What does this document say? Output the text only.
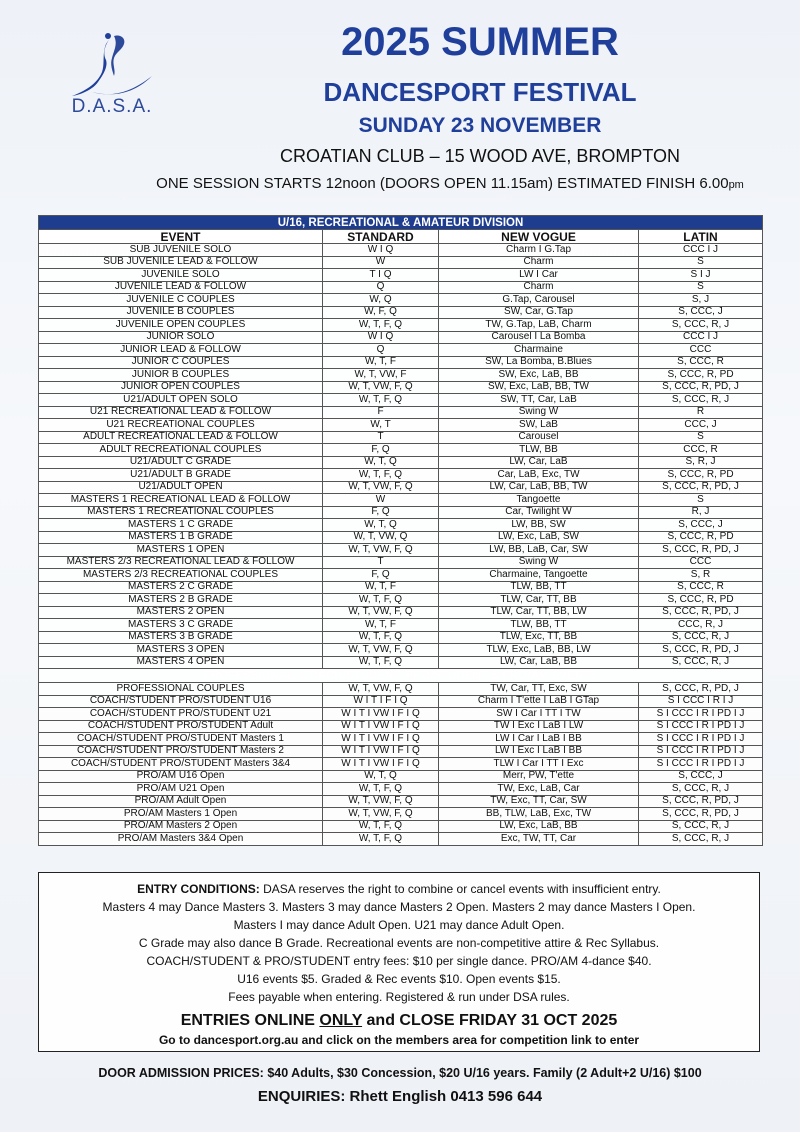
D.A.S.A.
2025 SUMMER
DANCESPORT FESTIVAL
SUNDAY 23 NOVEMBER
CROATIAN CLUB – 15 WOOD AVE, BROMPTON
ONE SESSION STARTS 12noon (DOORS OPEN 11.15am) ESTIMATED FINISH 6.00pm
U/16, RECREATIONAL & AMATEUR DIVISION			
EVENT	STANDARD	NEW VOGUE	LATIN
SUB JUVENILE SOLO	W I Q	Charm I G.Tap	CCC I J
SUB JUVENILE LEAD & FOLLOW	W	Charm	S
JUVENILE SOLO	T I Q	LW I Car	S I J
JUVENILE LEAD & FOLLOW	Q	Charm	S
JUVENILE C COUPLES	W, Q	G.Tap, Carousel	S, J
JUVENILE B COUPLES	W, F, Q	SW, Car, G.Tap	S, CCC, J
JUVENILE OPEN COUPLES	W, T, F, Q	TW, G.Tap, LaB, Charm	S, CCC, R, J
JUNIOR SOLO	W I Q	Carousel I La Bomba	CCC I J
JUNIOR LEAD & FOLLOW	Q	Charmaine	CCC
JUNIOR C COUPLES	W, T, F	SW, La Bomba, B.Blues	S, CCC, R
JUNIOR B COUPLES	W, T, VW, F	SW, Exc, LaB, BB	S, CCC, R, PD
JUNIOR OPEN COUPLES	W, T, VW, F, Q	SW, Exc, LaB, BB, TW	S, CCC, R, PD, J
U21/ADULT OPEN SOLO	W, T, F, Q	SW, TT, Car, LaB	S, CCC, R, J
U21 RECREATIONAL LEAD & FOLLOW	F	Swing W	R
U21 RECREATIONAL COUPLES	W, T	SW, LaB	CCC, J
ADULT RECREATIONAL LEAD & FOLLOW	T	Carousel	S
ADULT RECREATIONAL COUPLES	F, Q	TLW, BB	CCC, R
U21/ADULT C GRADE	W, T, Q	LW, Car, LaB	S, R, J
U21/ADULT B GRADE	W, T, F, Q	Car, LaB, Exc, TW	S, CCC, R, PD
U21/ADULT OPEN	W, T, VW, F, Q	LW, Car, LaB, BB, TW	S, CCC, R, PD, J
MASTERS 1 RECREATIONAL LEAD & FOLLOW	W	Tangoette	S
MASTERS 1 RECREATIONAL COUPLES	F, Q	Car, Twilight W	R, J
MASTERS 1 C GRADE	W, T, Q	LW, BB, SW	S, CCC, J
MASTERS 1 B GRADE	W, T, VW, Q	LW, Exc, LaB, SW	S, CCC, R, PD
MASTERS 1 OPEN	W, T, VW, F, Q	LW, BB, LaB, Car, SW	S, CCC, R, PD, J
MASTERS 2/3 RECREATIONAL LEAD & FOLLOW	T	Swing W	CCC
MASTERS 2/3 RECREATIONAL COUPLES	F, Q	Charmaine, Tangoette	S, R
MASTERS 2 C GRADE	W, T, F	TLW, BB, TT	S, CCC, R
MASTERS 2 B GRADE	W, T, F, Q	TLW, Car, TT, BB	S, CCC, R, PD
MASTERS 2 OPEN	W, T, VW, F, Q	TLW, Car, TT, BB, LW	S, CCC, R, PD, J
MASTERS 3 C GRADE	W, T, F	TLW, BB, TT	CCC, R, J
MASTERS 3 B GRADE	W, T, F, Q	TLW, Exc, TT, BB	S, CCC, R, J
MASTERS 3 OPEN	W, T, VW, F, Q	TLW, Exc, LaB, BB, LW	S, CCC, R, PD, J
MASTERS 4 OPEN	W, T, F, Q	LW, Car, LaB, BB	S, CCC, R, J
PROFESSIONAL, COACH/STUDENT, PRO/STUDENT & PRO/AM EVENTS			
PROFESSIONAL COUPLES	W, T, VW, F, Q	TW, Car, TT, Exc, SW	S, CCC, R, PD, J
COACH/STUDENT PRO/STUDENT U16	W I T I F I Q	Charm I T'ette I LaB I GTap	S I CCC I R I J
COACH/STUDENT PRO/STUDENT U21	W I T I VW I F I Q	SW I Car I TT I TW	S I CCC I R I PD I J
COACH/STUDENT PRO/STUDENT Adult	W I T I VW I F I Q	TW I Exc I LaB I LW	S I CCC I R I PD I J
COACH/STUDENT PRO/STUDENT Masters 1	W I T I VW I F I Q	LW I Car I LaB I BB	S I CCC I R I PD I J
COACH/STUDENT PRO/STUDENT Masters 2	W I T I VW I F I Q	LW I Exc I LaB I BB	S I CCC I R I PD I J
COACH/STUDENT PRO/STUDENT Masters 3&4	W I T I VW I F I Q	TLW I Car I TT I Exc	S I CCC I R I PD I J
PRO/AM U16 Open	W, T, Q	Merr, PW, T'ette	S, CCC, J
PRO/AM U21 Open	W, T, F, Q	TW, Exc, LaB, Car	S, CCC, R, J
PRO/AM Adult Open	W, T, VW, F, Q	TW, Exc, TT, Car, SW	S, CCC, R, PD, J
PRO/AM Masters 1 Open	W, T, VW, F, Q	BB, TLW, LaB, Exc, TW	S, CCC, R, PD, J
PRO/AM Masters 2 Open	W, T, F, Q	LW, Exc, LaB, BB	S, CCC, R, J
PRO/AM Masters 3&4 Open	W, T, F, Q	Exc, TW, TT, Car	S, CCC, R, J
ENTRY CONDITIONS: DASA reserves the right to combine or cancel events with insufficient entry.
Masters 4 may Dance Masters 3. Masters 3 may dance Masters 2 Open. Masters 2 may dance Masters I Open.
Masters I may dance Adult Open. U21 may dance Adult Open.
C Grade may also dance B Grade. Recreational events are non-competitive attire & Rec Syllabus.
COACH/STUDENT & PRO/STUDENT entry fees: $10 per single dance. PRO/AM 4-dance $40.
U16 events $5. Graded & Rec events $10. Open events $15.
Fees payable when entering. Registered & run under DSA rules.
ENTRIES ONLINE ONLY and CLOSE FRIDAY 31 OCT 2025
Go to dancesport.org.au and click on the members area for competition link to enter
DOOR ADMISSION PRICES: $40 Adults, $30 Concession, $20 U/16 years. Family (2 Adult+2 U/16) $100
ENQUIRIES: Rhett English 0413 596 644
